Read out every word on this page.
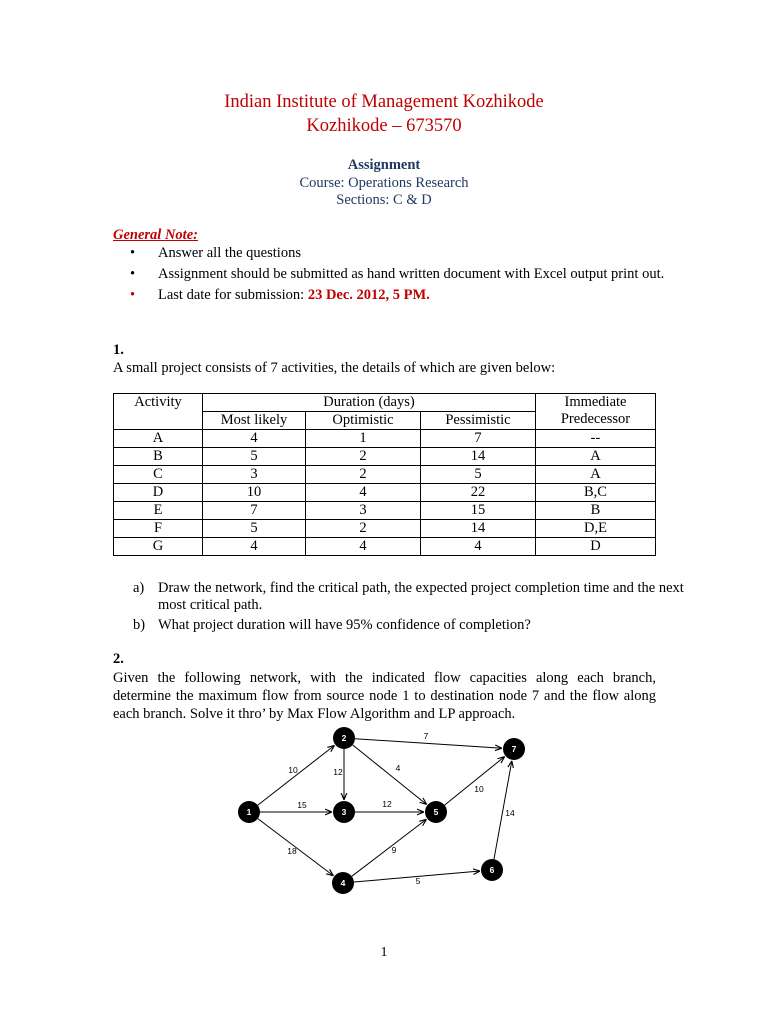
Indian Institute of Management Kozhikode
Kozhikode – 673570
Assignment
Course: Operations Research
Sections: C & D
General Note:
• Answer all the questions
• Assignment should be submitted as hand written document with Excel output print out.
• Last date for submission: 23 Dec. 2012, 5 PM.
1.
A small project consists of 7 activities, the details of which are given below:
Activity	Duration (days)			Immediate Predecessor
	Most likely	Optimistic	Pessimistic	
A	4	1	7	--
B	5	2	14	A
C	3	2	5	A
D	10	4	22	B,C
E	7	3	15	B
F	5	2	14	D,E
G	4	4	4	D
a) Draw the network, find the critical path, the expected project completion time and the next most critical path.
b) What project duration will have 95% confidence of completion?
2.
Given the following network, with the indicated flow capacities along each branch, determine the maximum flow from source node 1 to destination node 7 and the flow along each branch. Solve it thro’ by Max Flow Algorithm and LP approach.
10
15
18
12	4
7
12
9
5
10
14
1
2
3
4
5
6
7
1
